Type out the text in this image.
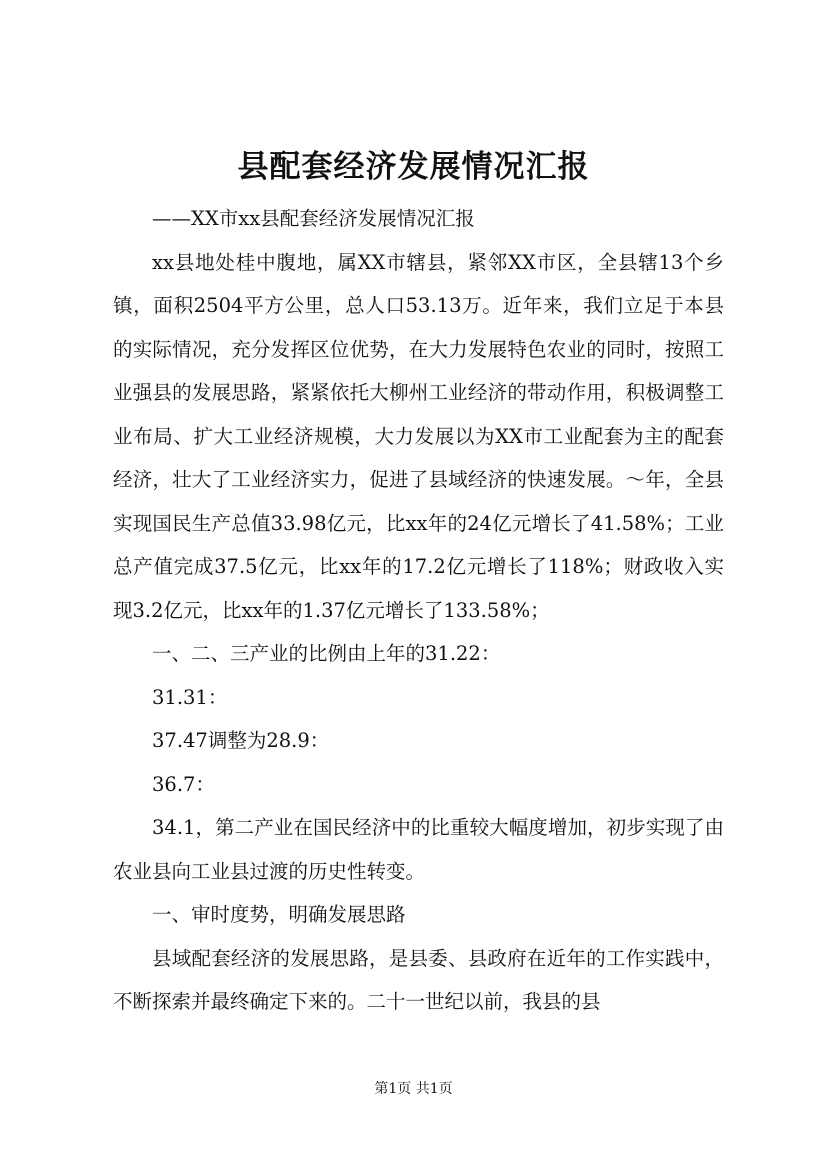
县配套经济发展情况汇报

——XX市xx县配套经济发展情况汇报

xx县地处桂中腹地，属XX市辖县，紧邻XX市区，全县辖13个乡镇，面积2504平方公里，总人口53.13万。近年来，我们立足于本县的实际情况，充分发挥区位优势，在大力发展特色农业的同时，按照工业强县的发展思路，紧紧依托大柳州工业经济的带动作用，积极调整工业布局、扩大工业经济规模，大力发展以为XX市工业配套为主的配套经济，壮大了工业经济实力，促进了县域经济的快速发展。～年，全县实现国民生产总值33.98亿元，比xx年的24亿元增长了41.58%；工业总产值完成37.5亿元，比xx年的17.2亿元增长了118%；财政收入实现3.2亿元，比xx年的1.37亿元增长了133.58%；

一、二、三产业的比例由上年的31.22：

31.31：

37.47调整为28.9：

36.7：

34.1，第二产业在国民经济中的比重较大幅度增加，初步实现了由农业县向工业县过渡的历史性转变。

一、审时度势，明确发展思路

县域配套经济的发展思路，是县委、县政府在近年的工作实践中，不断探索并最终确定下来的。二十一世纪以前，我县的县

第1页 共1页
